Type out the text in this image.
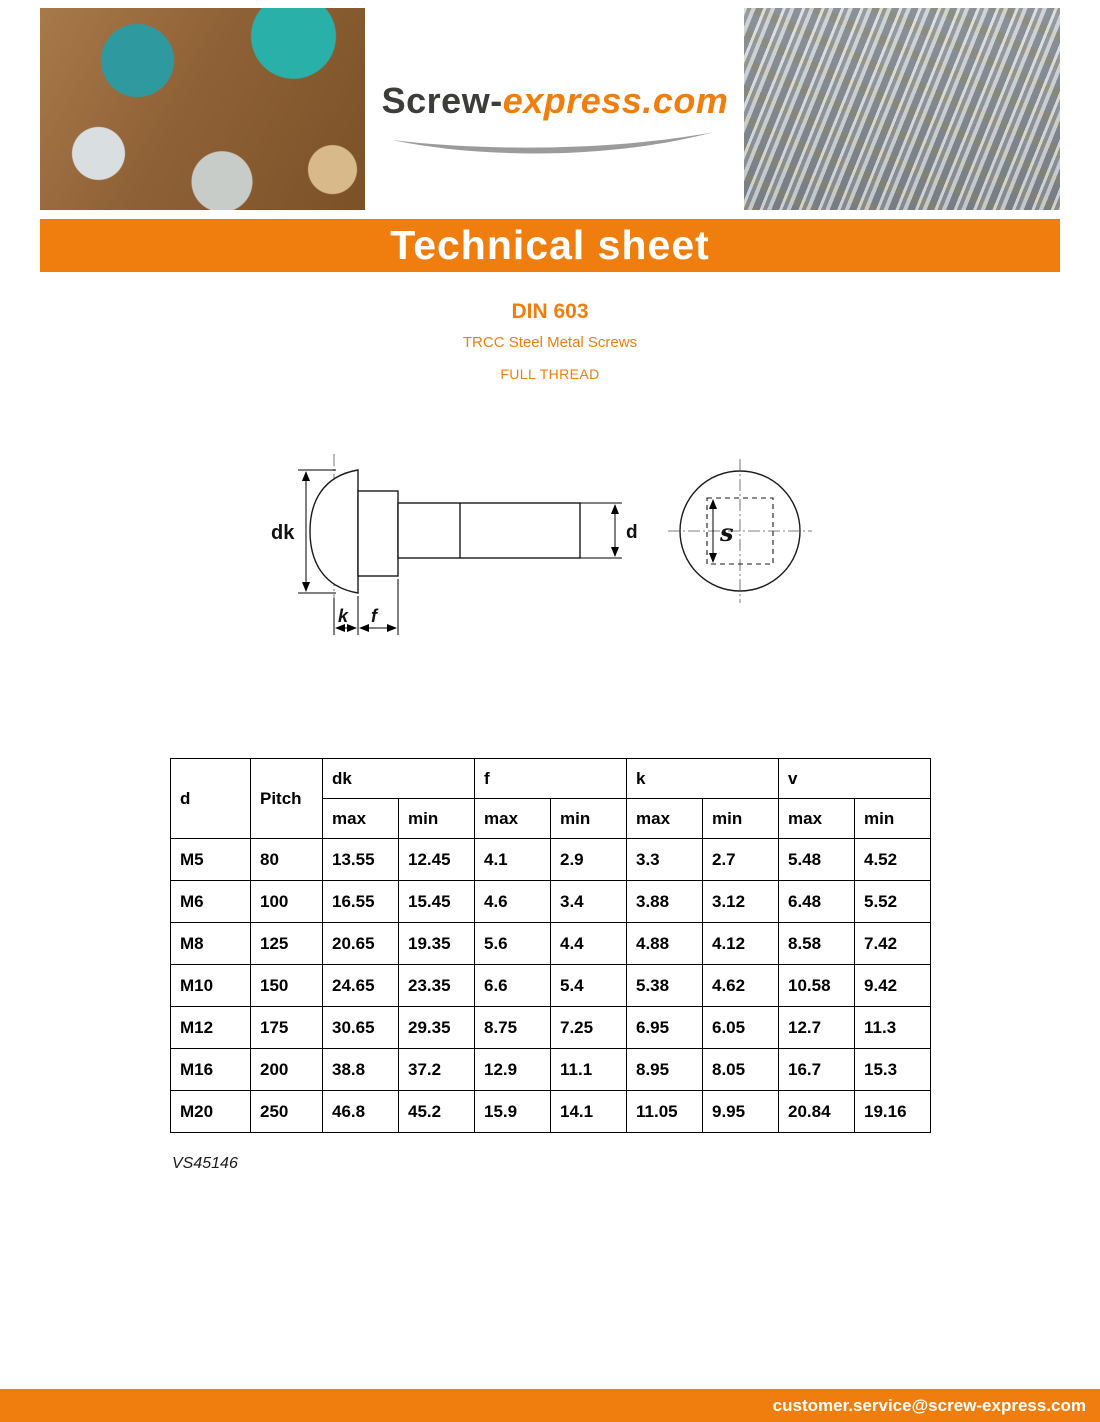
Screw-express.com
Technical sheet
DIN 603
TRCC Steel Metal Screws
FULL THREAD
dk
k f
d	s
d	Pitch	dk		f		k		v	
		max	min	max	min	max	min	max	min
M5	80	13.55	12.45	4.1	2.9	3.3	2.7	5.48	4.52
M6	100	16.55	15.45	4.6	3.4	3.88	3.12	6.48	5.52
M8	125	20.65	19.35	5.6	4.4	4.88	4.12	8.58	7.42
M10	150	24.65	23.35	6.6	5.4	5.38	4.62	10.58	9.42
M12	175	30.65	29.35	8.75	7.25	6.95	6.05	12.7	11.3
M16	200	38.8	37.2	12.9	11.1	8.95	8.05	16.7	15.3
M20	250	46.8	45.2	15.9	14.1	11.05	9.95	20.84	19.16
VS45146
customer.service@screw-express.com
